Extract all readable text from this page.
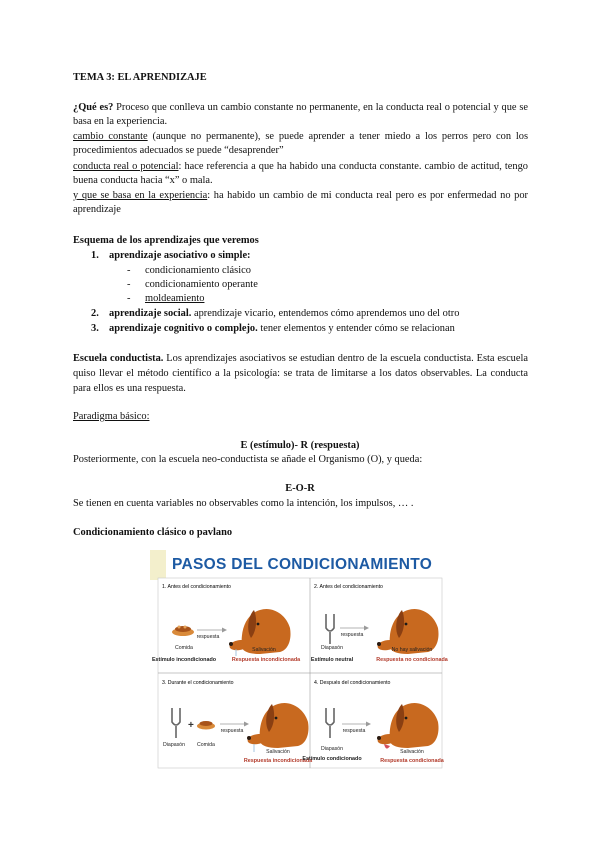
TEMA 3: EL APRENDIZAJE
¿Qué es? Proceso que conlleva un cambio constante no permanente, en la conducta real o potencial y que se basa en la experiencia.
cambio constante (aunque no permanente), se puede aprender a tener miedo a los perros pero con los procedimientos adecuados se puede “desaprender”
conducta real o potencial: hace referencia a que ha habido una conducta constante. cambio de actitud, tengo buena conducta hacia “x” o mala.
y que se basa en la experiencia: ha habido un cambio de mi conducta real pero es por enfermedad no por aprendizaje
Esquema de los aprendizajes que veremos
1. aprendizaje asociativo o simple:
- condicionamiento clásico
- condicionamiento operante
- moldeamiento
2. aprendizaje social. aprendizaje vicario, entendemos cómo aprendemos uno del otro
3. aprendizaje cognitivo o complejo. tener elementos y entender cómo se relacionan
Escuela conductista. Los aprendizajes asociativos se estudian dentro de la escuela conductista. Esta escuela quiso llevar el método científico a la psicología: se trata de limitarse a los datos observables. La conducta para ellos es una respuesta.
Paradigma básico:
E (estímulo)- R (respuesta)
Posteriormente, con la escuela neo-conductista se añade el Organismo (O), y queda:
E-O-R
Se tienen en cuenta variables no observables como la intención, los impulsos, … .
Condicionamiento clásico o pavlano
1. Antes del condicionamiento
respuesta
Comida	Salivación
Estímulo incondicionado	Respuesta incondicionada
2. Antes del condicionamiento
respuesta
Diapasón	No hay salivación
Estímulo neutral	Respuesta no condicionada
3. Durante el condicionamiento
+	respuesta
Diapasón Comida
Salivación
Respuesta incondicionada
4. Después del condicionamiento
respuesta
Diapasón	Salivación
Estímulo condicionado	Respuesta condicionada
PASOS DEL CONDICIONAMIENTO
